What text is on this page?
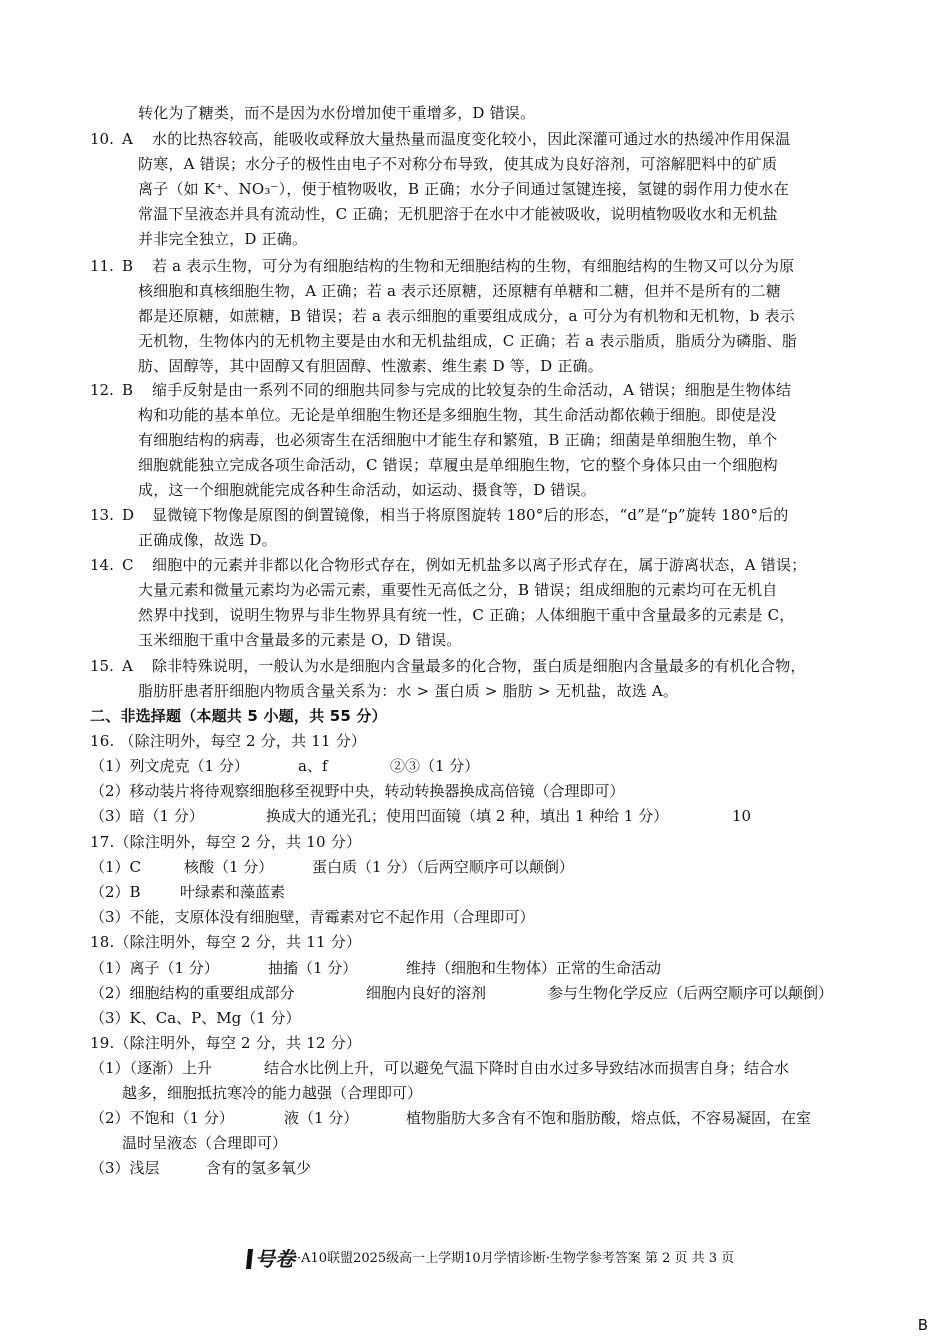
转化为了糖类，而不是因为水份增加使干重增多，D 错误。
10. A 水的比热容较高，能吸收或释放大量热量而温度变化较小，因此深灌可通过水的热缓冲作用保温
防寒，A 错误；水分子的极性由电子不对称分布导致，使其成为良好溶剂，可溶解肥料中的矿质
离子（如 K⁺、NO₃⁻），便于植物吸收，B 正确；水分子间通过氢键连接，氢键的弱作用力使水在
常温下呈液态并具有流动性，C 正确；无机肥溶于在水中才能被吸收，说明植物吸收水和无机盐
并非完全独立，D 正确。
11. B 若 a 表示生物，可分为有细胞结构的生物和无细胞结构的生物，有细胞结构的生物又可以分为原
核细胞和真核细胞生物，A 正确；若 a 表示还原糖，还原糖有单糖和二糖，但并不是所有的二糖
都是还原糖，如蔗糖，B 错误；若 a 表示细胞的重要组成成分，a 可分为有机物和无机物，b 表示
无机物，生物体内的无机物主要是由水和无机盐组成，C 正确；若 a 表示脂质，脂质分为磷脂、脂
肪、固醇等，其中固醇又有胆固醇、性激素、维生素 D 等，D 正确。
12. B 缩手反射是由一系列不同的细胞共同参与完成的比较复杂的生命活动，A 错误；细胞是生物体结
构和功能的基本单位。无论是单细胞生物还是多细胞生物，其生命活动都依赖于细胞。即使是没
有细胞结构的病毒，也必须寄生在活细胞中才能生存和繁殖，B 正确；细菌是单细胞生物，单个
细胞就能独立完成各项生命活动，C 错误；草履虫是单细胞生物，它的整个身体只由一个细胞构
成，这一个细胞就能完成各种生命活动，如运动、摄食等，D 错误。
13. D 显微镜下物像是原图的倒置镜像，相当于将原图旋转 180°后的形态，“d”是“p”旋转 180°后的
正确成像，故选 D。
14. C 细胞中的元素并非都以化合物形式存在，例如无机盐多以离子形式存在，属于游离状态，A 错误；
大量元素和微量元素均为必需元素，重要性无高低之分，B 错误；组成细胞的元素均可在无机自
然界中找到，说明生物界与非生物界具有统一性，C 正确；人体细胞干重中含量最多的元素是 C，
玉米细胞干重中含量最多的元素是 O，D 错误。
15. A 除非特殊说明，一般认为水是细胞内含量最多的化合物，蛋白质是细胞内含量最多的有机化合物，
脂肪肝患者肝细胞内物质含量关系为：水 > 蛋白质 > 脂肪 > 无机盐，故选 A。
二、非选择题（本题共 5 小题，共 55 分）
16. （除注明外，每空 2 分，共 11 分）
（1）列文虎克（1 分）	a、f	②③（1 分）
（2）移动装片将待观察细胞移至视野中央，转动转换器换成高倍镜（合理即可）
（3）暗（1 分）	换成大的通光孔；使用凹面镜（填 2 种，填出 1 种给 1 分）	10
17.（除注明外，每空 2 分，共 10 分）
（1）C	核酸（1 分）	蛋白质（1 分）（后两空顺序可以颠倒）
（2）B	叶绿素和藻蓝素
（3）不能，支原体没有细胞壁，青霉素对它不起作用（合理即可）
18.（除注明外，每空 2 分，共 11 分）
（1）离子（1 分）	抽搐（1 分）	维持（细胞和生物体）正常的生命活动
（2）细胞结构的重要组成部分	细胞内良好的溶剂	参与生物化学反应（后两空顺序可以颠倒）
（3）K、Ca、P、Mg（1 分）
19.（除注明外，每空 2 分，共 12 分）
（1）（逐渐）上升	结合水比例上升，可以避免气温下降时自由水过多导致结冰而损害自身；结合水
越多，细胞抵抗寒冷的能力越强（合理即可）
（2）不饱和（1 分）	液（1 分）	植物脂肪大多含有不饱和脂肪酸，熔点低，不容易凝固，在室
温时呈液态（合理即可）
（3）浅层	含有的氢多氧少
号卷 ·A10联盟2025级高一上学期10月学情诊断·生物学参考答案 第 2 页 共 3 页
B
